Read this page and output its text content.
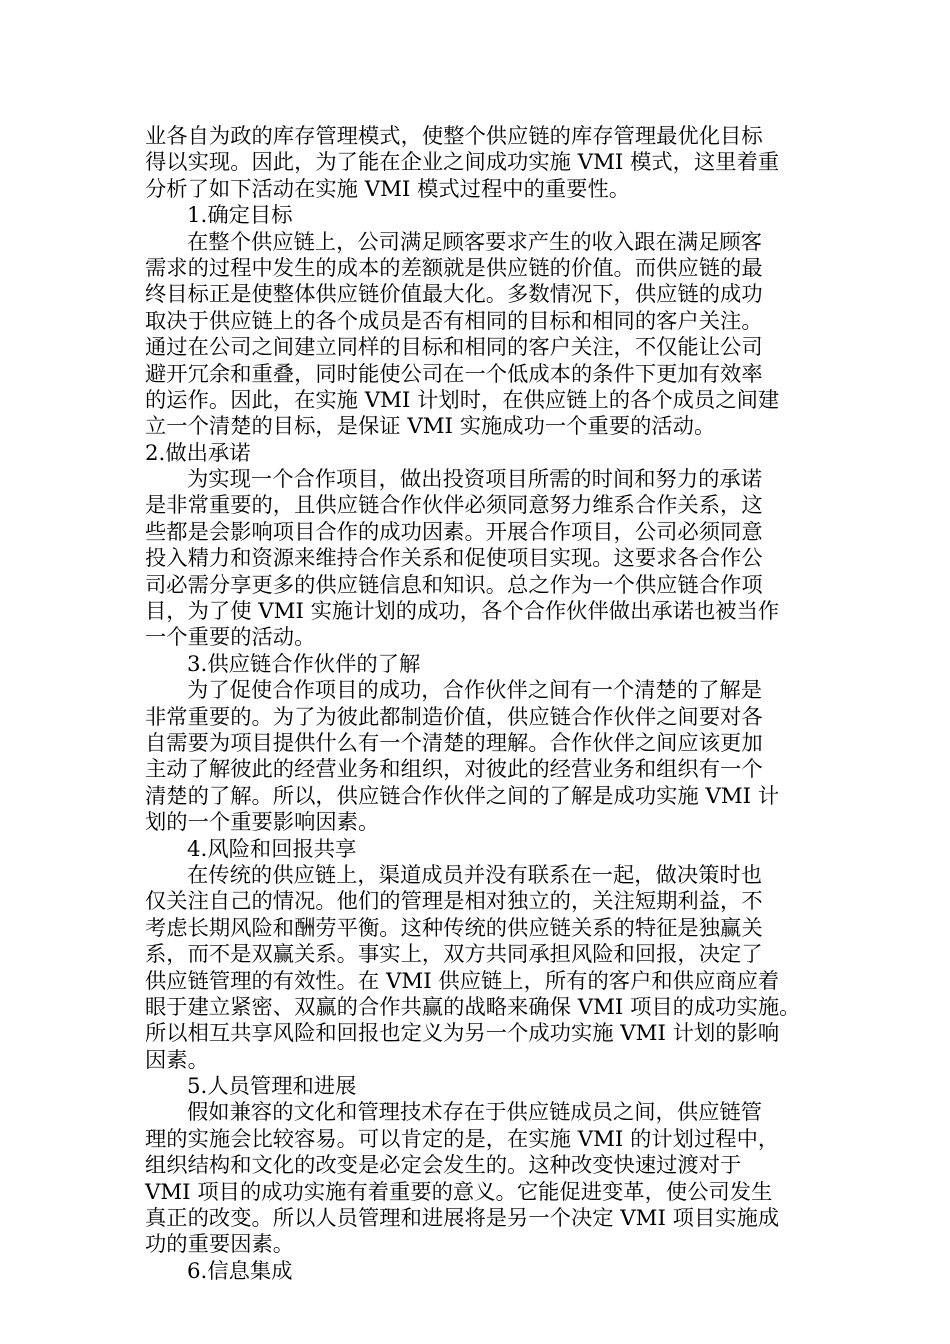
业各自为政的库存管理模式，使整个供应链的库存管理最优化目标
得以实现。因此，为了能在企业之间成功实施 VMI 模式，这里着重
分析了如下活动在实施 VMI 模式过程中的重要性。
1.确定目标
在整个供应链上，公司满足顾客要求产生的收入跟在满足顾客
需求的过程中发生的成本的差额就是供应链的价值。而供应链的最
终目标正是使整体供应链价值最大化。多数情况下，供应链的成功
取决于供应链上的各个成员是否有相同的目标和相同的客户关注。
通过在公司之间建立同样的目标和相同的客户关注，不仅能让公司
避开冗余和重叠，同时能使公司在一个低成本的条件下更加有效率
的运作。因此，在实施 VMI 计划时，在供应链上的各个成员之间建
立一个清楚的目标，是保证 VMI 实施成功一个重要的活动。
2.做出承诺
为实现一个合作项目，做出投资项目所需的时间和努力的承诺
是非常重要的，且供应链合作伙伴必须同意努力维系合作关系，这
些都是会影响项目合作的成功因素。开展合作项目，公司必须同意
投入精力和资源来维持合作关系和促使项目实现。这要求各合作公
司必需分享更多的供应链信息和知识。总之作为一个供应链合作项
目，为了使 VMI 实施计划的成功，各个合作伙伴做出承诺也被当作
一个重要的活动。
3.供应链合作伙伴的了解
为了促使合作项目的成功，合作伙伴之间有一个清楚的了解是
非常重要的。为了为彼此都制造价值，供应链合作伙伴之间要对各
自需要为项目提供什么有一个清楚的理解。合作伙伴之间应该更加
主动了解彼此的经营业务和组织，对彼此的经营业务和组织有一个
清楚的了解。所以，供应链合作伙伴之间的了解是成功实施 VMI 计
划的一个重要影响因素。
4.风险和回报共享
在传统的供应链上，渠道成员并没有联系在一起，做决策时也
仅关注自己的情况。他们的管理是相对独立的，关注短期利益，不
考虑长期风险和酬劳平衡。这种传统的供应链关系的特征是独赢关
系，而不是双赢关系。事实上，双方共同承担风险和回报，决定了
供应链管理的有效性。在 VMI 供应链上，所有的客户和供应商应着
眼于建立紧密、双赢的合作共赢的战略来确保 VMI 项目的成功实施。
所以相互共享风险和回报也定义为另一个成功实施 VMI 计划的影响
因素。
5.人员管理和进展
假如兼容的文化和管理技术存在于供应链成员之间，供应链管
理的实施会比较容易。可以肯定的是，在实施 VMI 的计划过程中，
组织结构和文化的改变是必定会发生的。这种改变快速过渡对于
VMI 项目的成功实施有着重要的意义。它能促进变革，使公司发生
真正的改变。所以人员管理和进展将是另一个决定 VMI 项目实施成
功的重要因素。
6.信息集成
